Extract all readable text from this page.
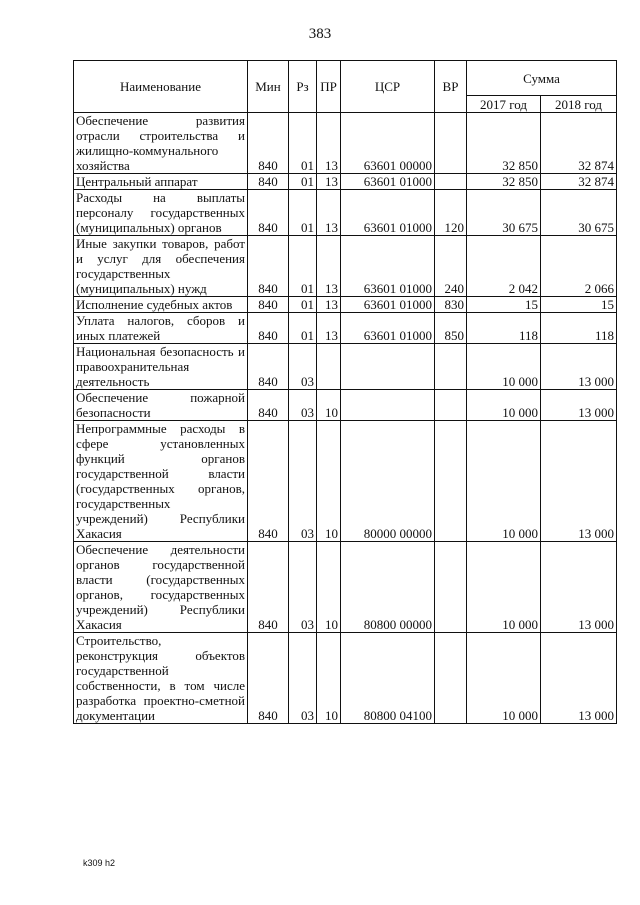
383
Наименование	Мин	Рз	ПР	ЦСР	ВР	Сумма	
						2017 год	2018 год
Обеспечение развития отрасли строительства и жилищно-коммунального хозяйства	840	01	13	63601 00000		32 850	32 874
Центральный аппарат	840	01	13	63601 01000		32 850	32 874
Расходы на выплаты персоналу государственных (муниципальных) органов	840	01	13	63601 01000	120	30 675	30 675
Иные закупки товаров, работ и услуг для обеспечения государственных (муниципальных) нужд	840	01	13	63601 01000	240	2 042	2 066
Исполнение судебных актов	840	01	13	63601 01000	830	15	15
Уплата налогов, сборов и иных платежей	840	01	13	63601 01000	850	118	118
Национальная безопасность и правоохранительная деятельность	840	03				10 000	13 000
Обеспечение пожарной безопасности	840	03	10			10 000	13 000
Непрограммные расходы в сфере установленных функций органов государственной власти (государственных органов, государственных учреждений) Республики Хакасия	840	03	10	80000 00000		10 000	13 000
Обеспечение деятельности органов государственной власти (государственных органов, государственных учреждений) Республики Хакасия	840	03	10	80800 00000		10 000	13 000
Строительство, реконструкция объектов государственной собственности, в том числе разработка проектно-сметной документации	840	03	10	80800 04100		10 000	13 000
k309 h2
